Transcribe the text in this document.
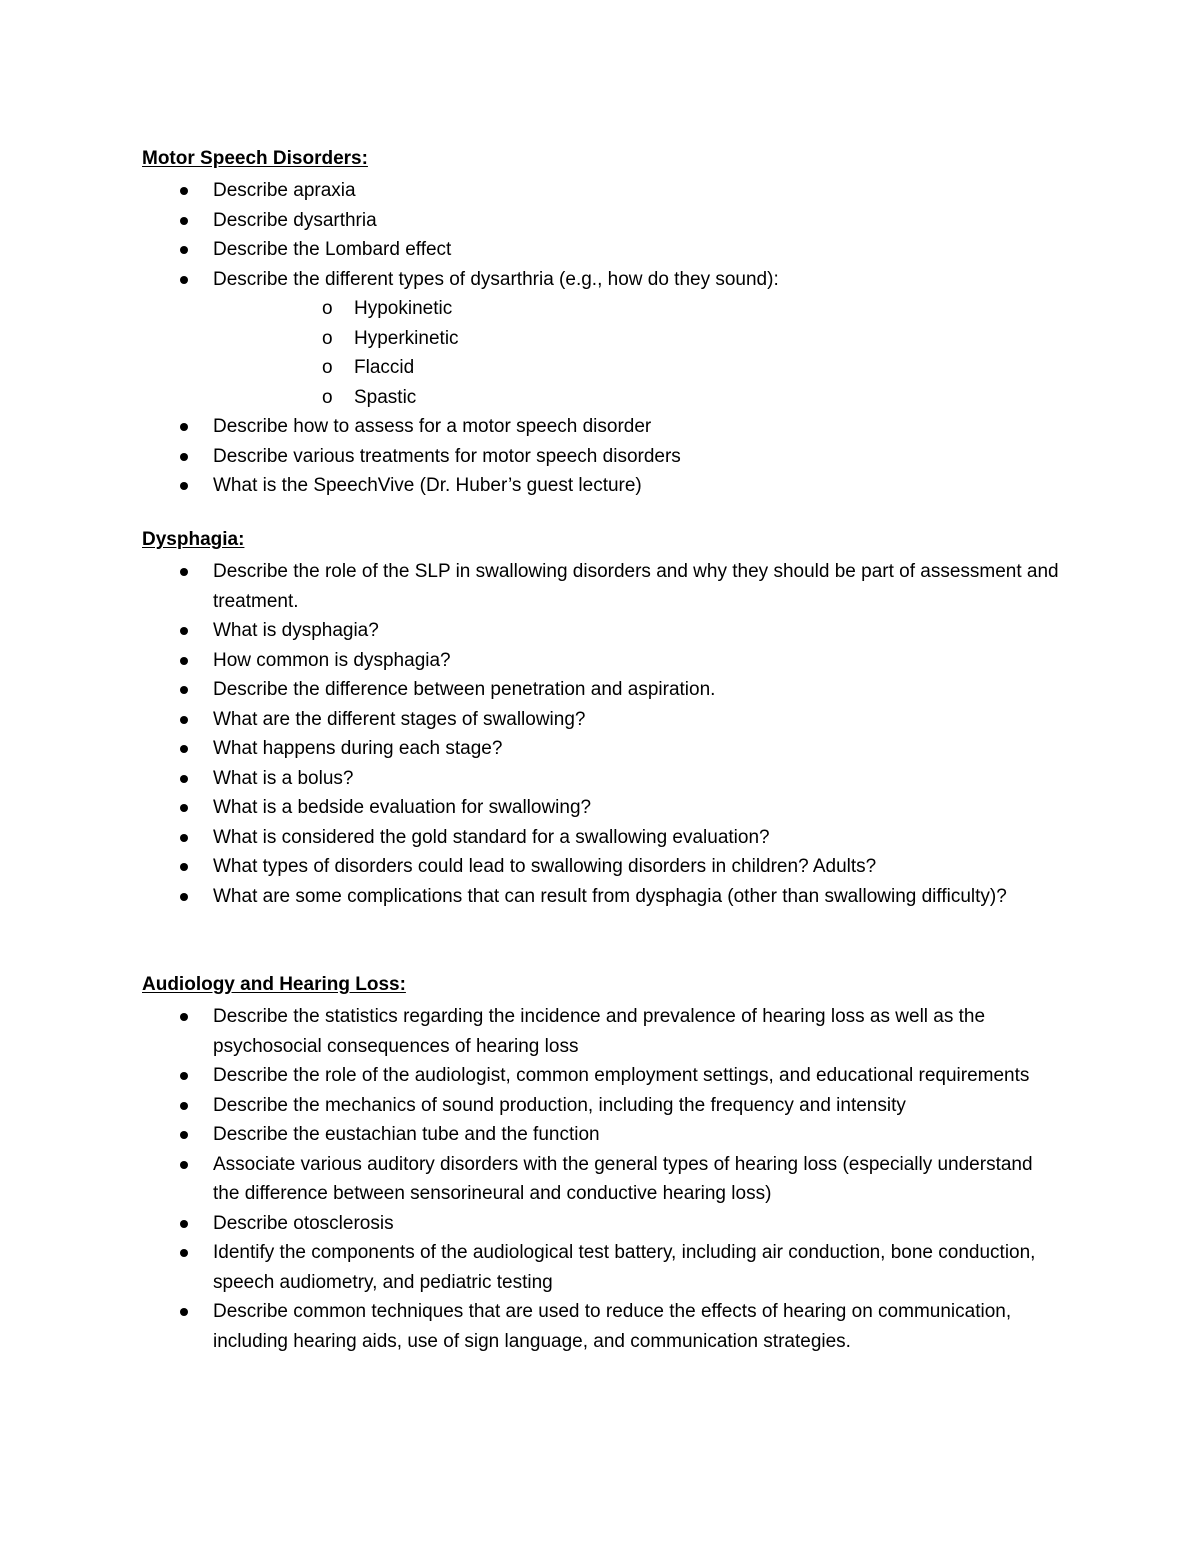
Motor Speech Disorders:
Describe apraxia
Describe dysarthria
Describe the Lombard effect
Describe the different types of dysarthria (e.g., how do they sound):
o Hypokinetic
o Hyperkinetic
o Flaccid
o Spastic
Describe how to assess for a motor speech disorder
Describe various treatments for motor speech disorders
What is the SpeechVive (Dr. Huber’s guest lecture)
Dysphagia:
Describe the role of the SLP in swallowing disorders and why they should be part of assessment and treatment.
What is dysphagia?
How common is dysphagia?
Describe the difference between penetration and aspiration.
What are the different stages of swallowing?
What happens during each stage?
What is a bolus?
What is a bedside evaluation for swallowing?
What is considered the gold standard for a swallowing evaluation?
What types of disorders could lead to swallowing disorders in children? Adults?
What are some complications that can result from dysphagia (other than swallowing difficulty)?
Audiology and Hearing Loss:
Describe the statistics regarding the incidence and prevalence of hearing loss as well as the psychosocial consequences of hearing loss
Describe the role of the audiologist, common employment settings, and educational requirements
Describe the mechanics of sound production, including the frequency and intensity
Describe the eustachian tube and the function
Associate various auditory disorders with the general types of hearing loss (especially understand the difference between sensorineural and conductive hearing loss)
Describe otosclerosis
Identify the components of the audiological test battery, including air conduction, bone conduction, speech audiometry, and pediatric testing
Describe common techniques that are used to reduce the effects of hearing on communication, including hearing aids, use of sign language, and communication strategies.
